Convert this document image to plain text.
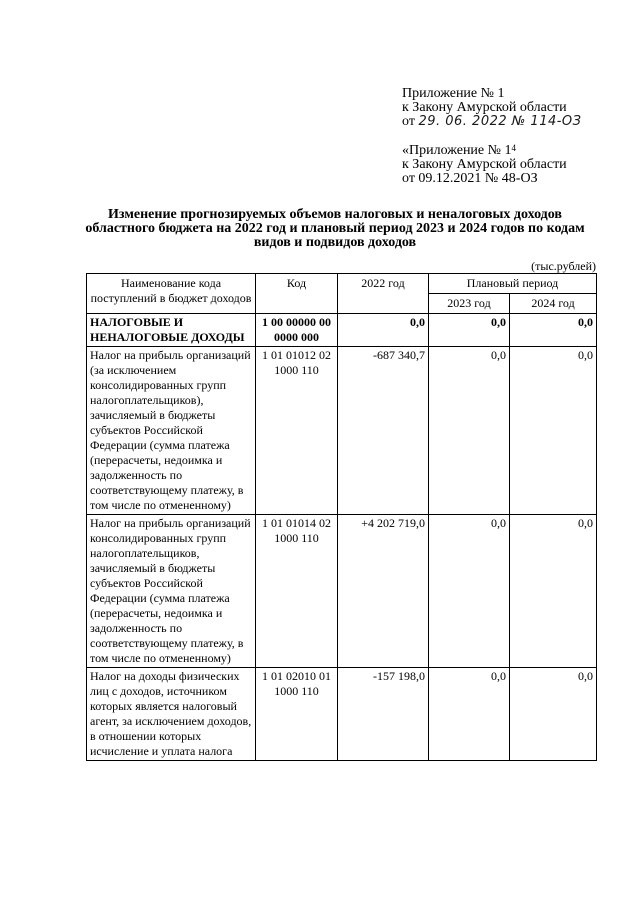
Приложение № 1
к Закону Амурской области
от 29. 06. 2022 № 114-ОЗ
«Приложение № $1^4$
к Закону Амурской области
от 09.12.2021 № 48-ОЗ
Изменение прогнозируемых объемов налоговых и неналоговых доходов областного бюджета на 2022 год и плановый период 2023 и 2024 годов по кодам видов и подвидов доходов
(тыс.рублей)
Наименование кода поступлений в бюджет доходов	Код	2022 год	Плановый период	
			2023 год	2024 год
НАЛОГОВЫЕ И НЕНАЛОГОВЫЕ ДОХОДЫ	1 00 00000 00 0000 000	0,0	0,0	0,0
Налог на прибыль организаций (за исключением консолидированных групп налогоплательщиков), зачисляемый в бюджеты субъектов Российской Федерации (сумма платежа (перерасчеты, недоимка и задолженность по соответствующему платежу, в том числе по отмененному)	1 01 01012 02 1000 110	-687 340,7	0,0	0,0
Налог на прибыль организаций консолидированных групп налогоплательщиков, зачисляемый в бюджеты субъектов Российской Федерации (сумма платежа (перерасчеты, недоимка и задолженность по соответствующему платежу, в том числе по отмененному)	1 01 01014 02 1000 110	+4 202 719,0	0,0	0,0
Налог на доходы физических лиц с доходов, источником которых является налоговый агент, за исключением доходов, в отношении которых исчисление и уплата налога	1 01 02010 01 1000 110	-157 198,0	0,0	0,0
